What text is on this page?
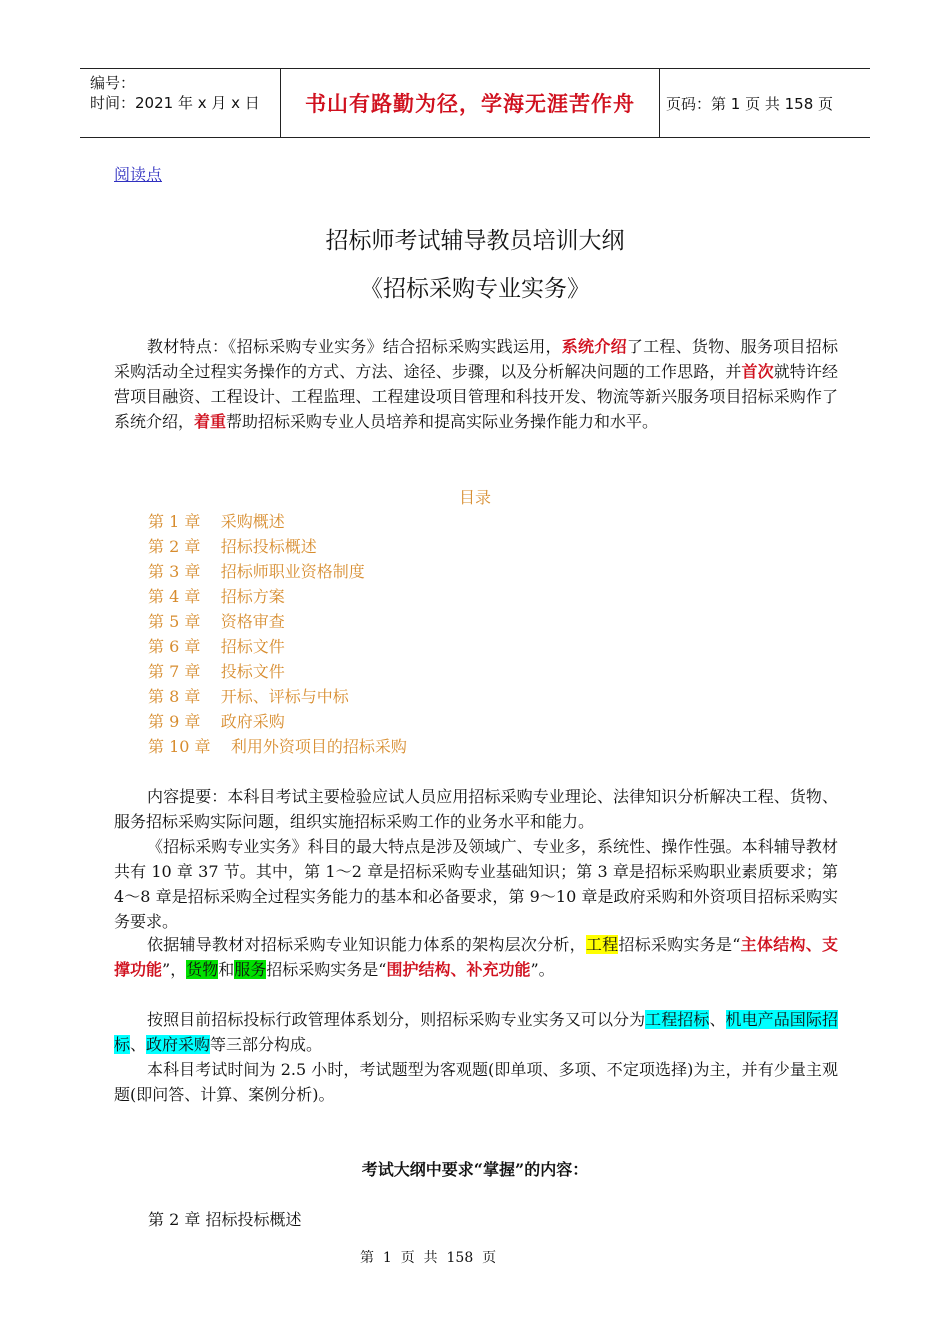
编号：
时间：2021 年 x 月 x 日	书山有路勤为径，学海无涯苦作舟	页码：第 1 页 共 158 页
阅读点
招标师考试辅导教员培训大纲
《招标采购专业实务》
教材特点：《招标采购专业实务》结合招标采购实践运用，系统介绍了工程、货物、服务项目招标采购活动全过程实务操作的方式、方法、途径、步骤，以及分析解决问题的工作思路，并首次就特许经营项目融资、工程设计、工程监理、工程建设项目管理和科技开发、物流等新兴服务项目招标采购作了系统介绍，着重帮助招标采购专业人员培养和提高实际业务操作能力和水平。
目录
第 1 章    采购概述
第 2 章    招标投标概述
第 3 章    招标师职业资格制度
第 4 章    招标方案
第 5 章    资格审查
第 6 章    招标文件
第 7 章    投标文件
第 8 章    开标、评标与中标
第 9 章    政府采购
第 10 章    利用外资项目的招标采购
内容提要：本科目考试主要检验应试人员应用招标采购专业理论、法律知识分析解决工程、货物、服务招标采购实际问题，组织实施招标采购工作的业务水平和能力。
《招标采购专业实务》科目的最大特点是涉及领域广、专业多，系统性、操作性强。本科辅导教材共有 10 章 37 节。其中，第 1～2 章是招标采购专业基础知识；第 3 章是招标采购职业素质要求；第 4～8 章是招标采购全过程实务能力的基本和必备要求，第 9～10 章是政府采购和外资项目招标采购实务要求。
依据辅导教材对招标采购专业知识能力体系的架构层次分析，工程招标采购实务是“主体结构、支撑功能”，货物和服务招标采购实务是“围护结构、补充功能”。
按照目前招标投标行政管理体系划分，则招标采购专业实务又可以分为工程招标、机电产品国际招标、政府采购等三部分构成。
本科目考试时间为 2.5 小时，考试题型为客观题(即单项、多项、不定项选择)为主，并有少量主观题(即问答、计算、案例分析)。
考试大纲中要求“掌握”的内容：
第 2 章 招标投标概述
第  1  页  共  158  页
